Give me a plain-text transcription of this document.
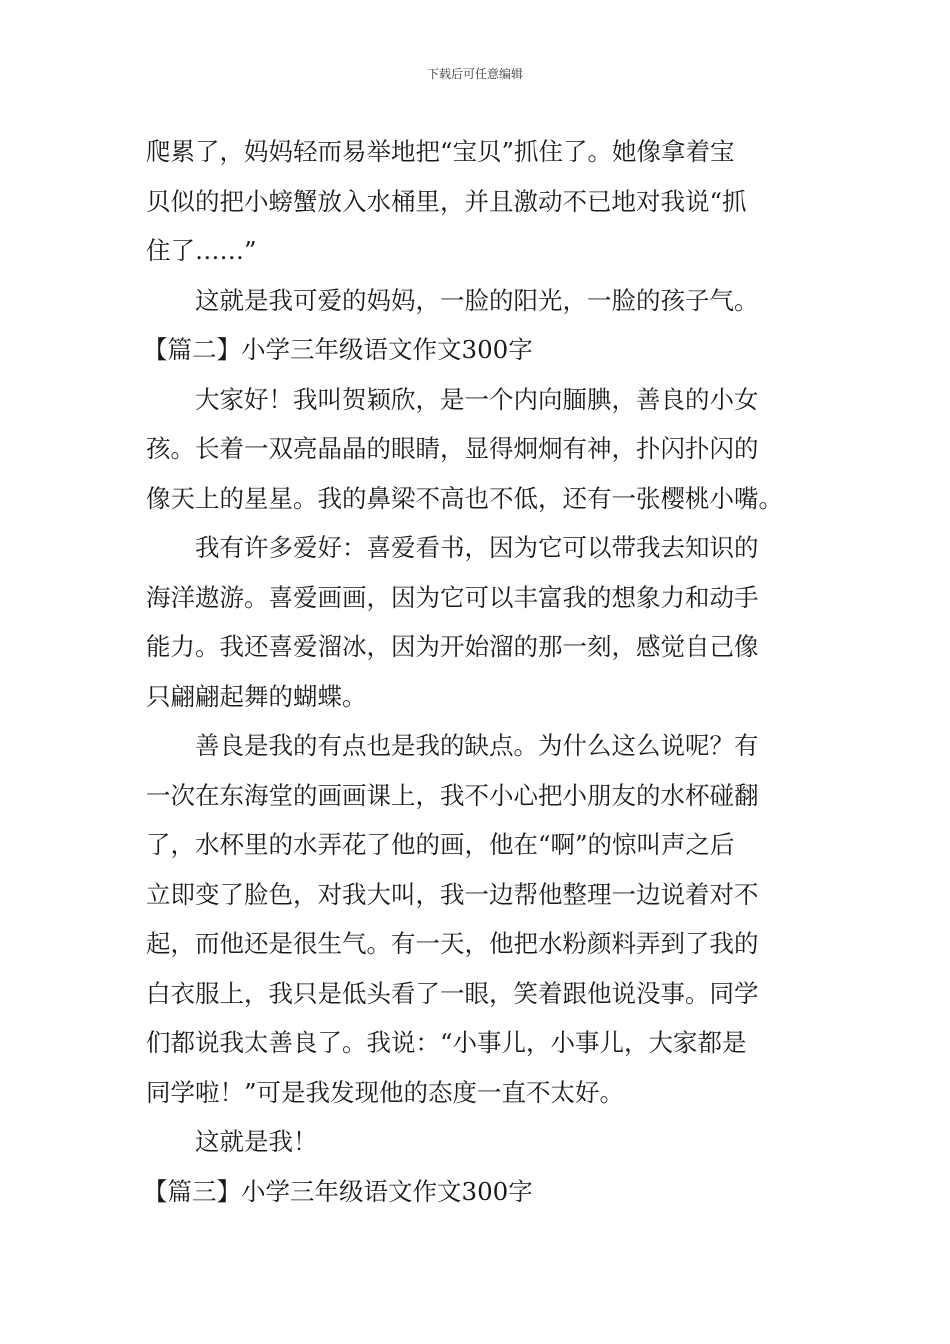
下载后可任意编辑
爬累了，妈妈轻而易举地把“宝贝”抓住了。她像拿着宝
贝似的把小螃蟹放入水桶里，并且激动不已地对我说“抓
住了……”
这就是我可爱的妈妈，一脸的阳光，一脸的孩子气。
【篇二】小学三年级语文作文300字
大家好！我叫贺颖欣，是一个内向腼腆，善良的小女
孩。长着一双亮晶晶的眼睛，显得炯炯有神，扑闪扑闪的
像天上的星星。我的鼻梁不高也不低，还有一张樱桃小嘴。
我有许多爱好：喜爱看书，因为它可以带我去知识的
海洋遨游。喜爱画画，因为它可以丰富我的想象力和动手
能力。我还喜爱溜冰，因为开始溜的那一刻，感觉自己像
只翩翩起舞的蝴蝶。
善良是我的有点也是我的缺点。为什么这么说呢？有
一次在东海堂的画画课上，我不小心把小朋友的水杯碰翻
了，水杯里的水弄花了他的画，他在“啊”的惊叫声之后
立即变了脸色，对我大叫，我一边帮他整理一边说着对不
起，而他还是很生气。有一天，他把水粉颜料弄到了我的
白衣服上，我只是低头看了一眼，笑着跟他说没事。同学
们都说我太善良了。我说：“小事儿，小事儿，大家都是
同学啦！”可是我发现他的态度一直不太好。
这就是我！
【篇三】小学三年级语文作文300字
